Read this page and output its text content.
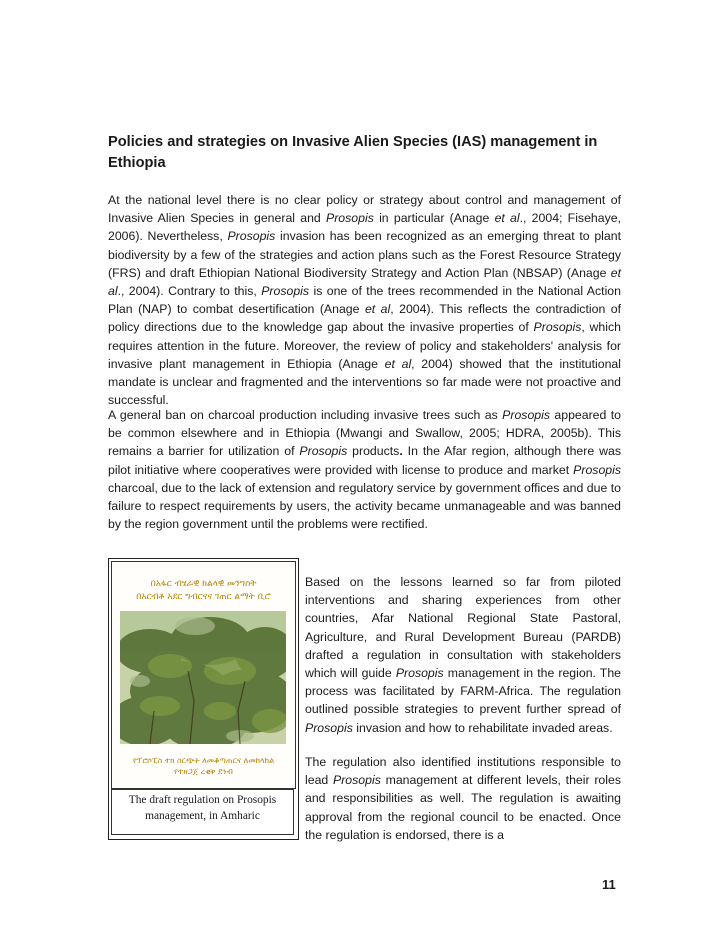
Policies and strategies on Invasive Alien Species (IAS) management in Ethiopia

At the national level there is no clear policy or strategy about control and management of Invasive Alien Species in general and Prosopis in particular (Anage et al., 2004; Fisehaye, 2006). Nevertheless, Prosopis invasion has been recognized as an emerging threat to plant biodiversity by a few of the strategies and action plans such as the Forest Resource Strategy (FRS) and draft Ethiopian National Biodiversity Strategy and Action Plan (NBSAP) (Anage et al., 2004). Contrary to this, Prosopis is one of the trees recommended in the National Action Plan (NAP) to combat desertification (Anage et al, 2004). This reflects the contradiction of policy directions due to the knowledge gap about the invasive properties of Prosopis, which requires attention in the future. Moreover, the review of policy and stakeholders' analysis for invasive plant management in Ethiopia (Anage et al, 2004) showed that the institutional mandate is unclear and fragmented and the interventions so far made were not proactive and successful.

A general ban on charcoal production including invasive trees such as Prosopis appeared to be common elsewhere and in Ethiopia (Mwangi and Swallow, 2005; HDRA, 2005b). This remains a barrier for utilization of Prosopis products. In the Afar region, although there was pilot initiative where cooperatives were provided with license to produce and market Prosopis charcoal, due to the lack of extension and regulatory service by government offices and due to failure to respect requirements by users, the activity became unmanageable and was banned by the region government until the problems were rectified.

በአፋር ብሄራዊ ክልላዊ መንግስት
በአርብቶ አደር ግብርናና ገጠር ልማት ቢሮ
የፕሮሶፒስ ተክ ስርጭት ለመቆጣጠርና ለመከላከል
የተዘጋጀ ረቂቅ ደንብ
The draft regulation on Prosopis management, in Amharic

Based on the lessons learned so far from piloted interventions and sharing experiences from other countries, Afar National Regional State Pastoral, Agriculture, and Rural Development Bureau (PARDB) drafted a regulation in consultation with stakeholders which will guide Prosopis management in the region. The process was facilitated by FARM-Africa. The regulation outlined possible strategies to prevent further spread of Prosopis invasion and how to rehabilitate invaded areas.

The regulation also identified institutions responsible to lead Prosopis management at different levels, their roles and responsibilities as well. The regulation is awaiting approval from the regional council to be enacted. Once the regulation is endorsed, there is a

11
